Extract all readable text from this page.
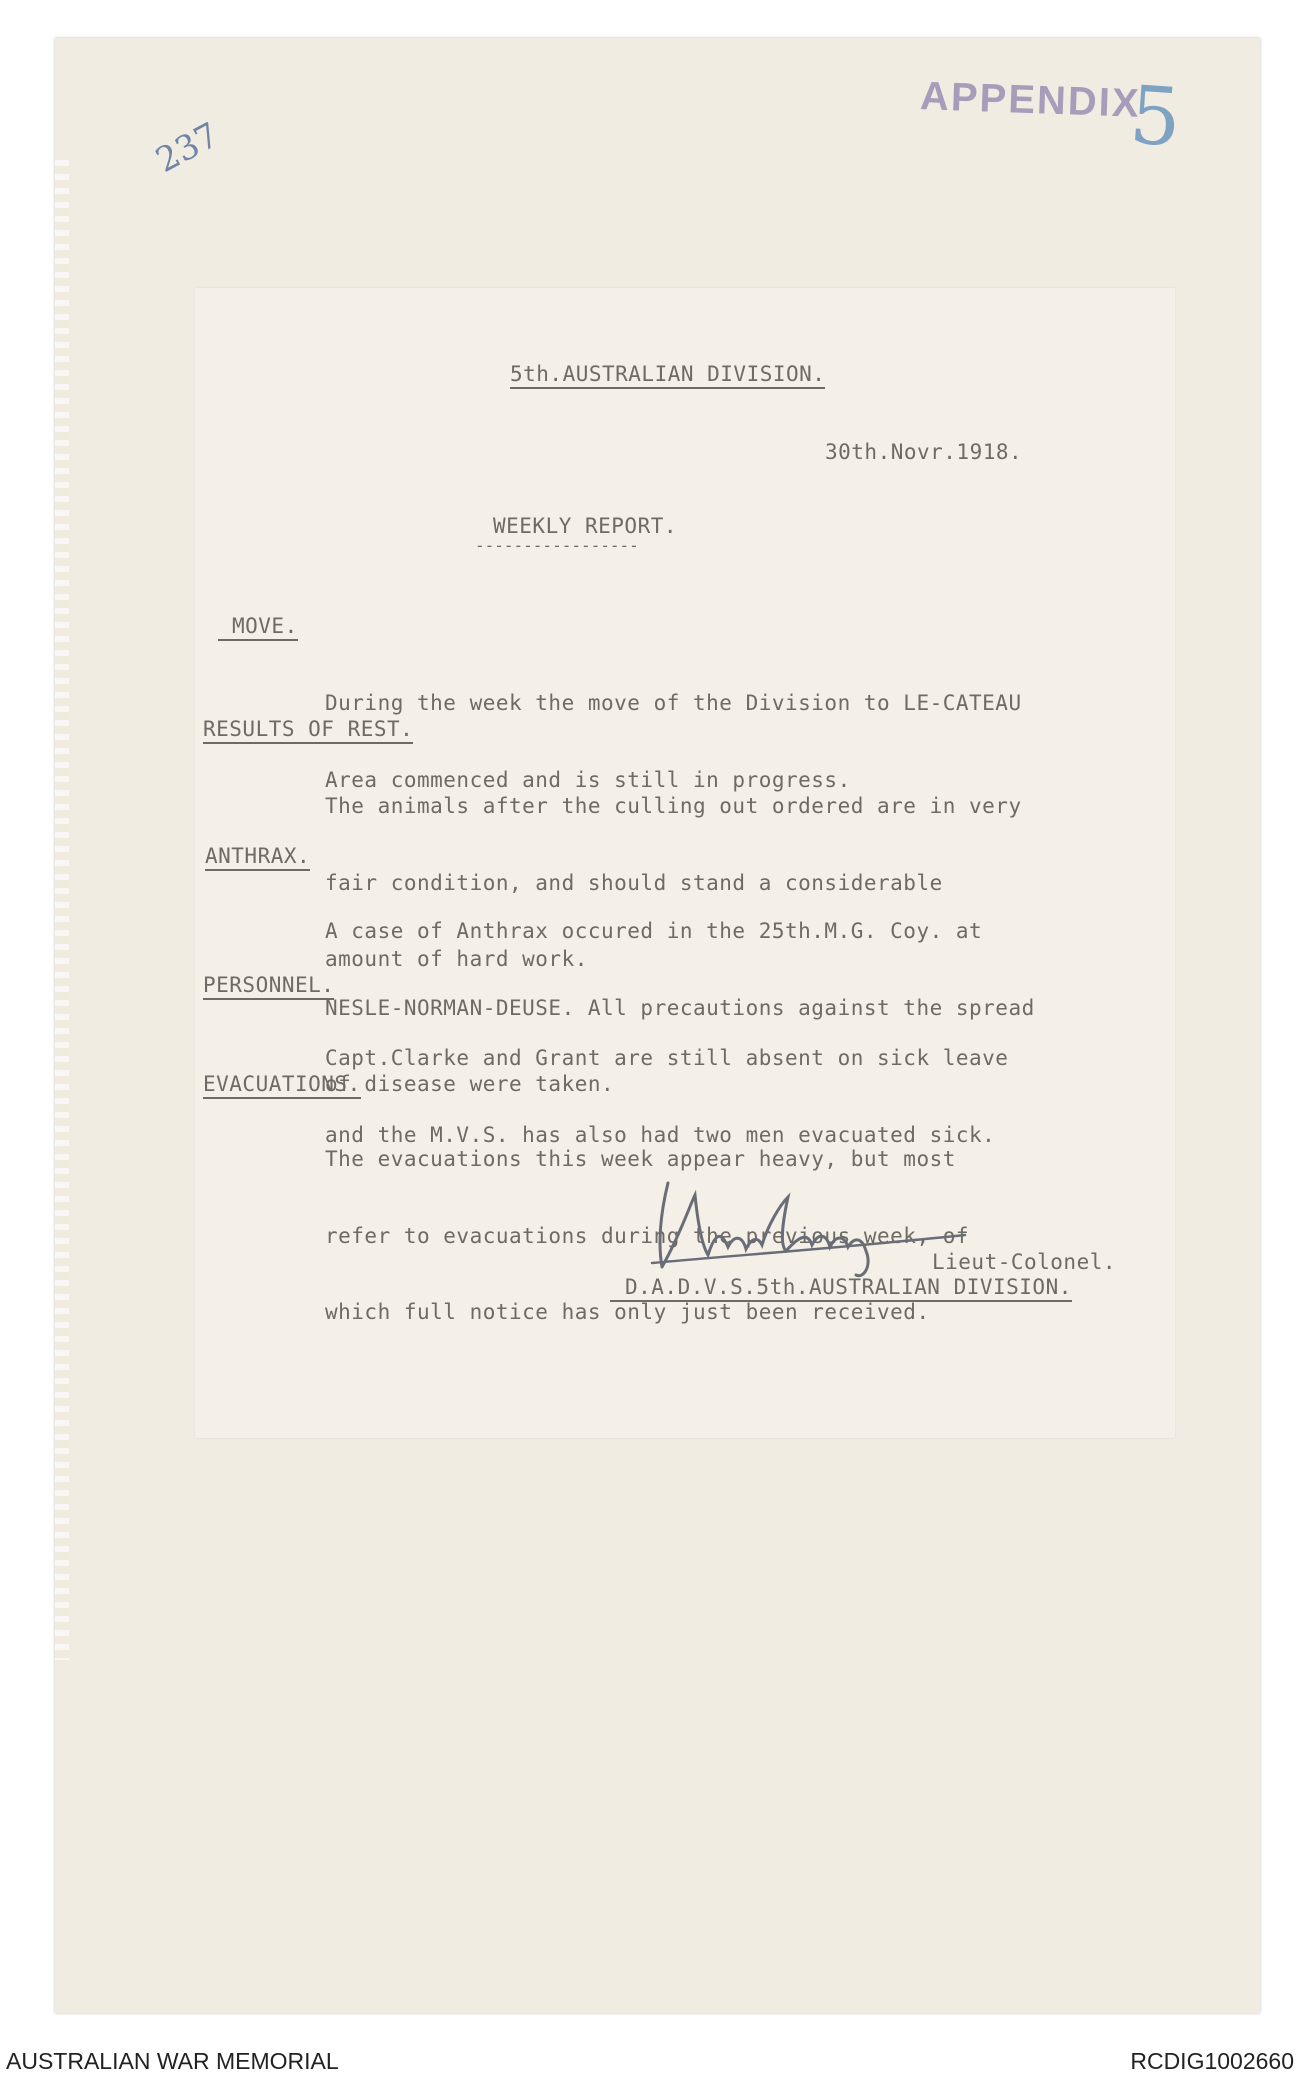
237
APPENDIX
5
5th.AUSTRALIAN DIVISION.
30th.Novr.1918.
WEEKLY REPORT.
-----------------
MOVE.

During the week the move of the Division to LE-CATEAU

Area commenced and is still in progress.

RESULTS OF REST.

The animals after the culling out ordered are in very

fair condition, and should stand a considerable

amount of hard work.

ANTHRAX.

A case of Anthrax occured in the 25th.M.G. Coy. at

NESLE-NORMAN-DEUSE. All precautions against the spread

of disease were taken.

PERSONNEL.

Capt.Clarke and Grant are still absent on sick leave

and the M.V.S. has also had two men evacuated sick.

EVACUATIONS.

The evacuations this week appear heavy, but most

refer to evacuations during the previous week, of

which full notice has only just been received.

Lieut-Colonel.
D.A.D.V.S.5th.AUSTRALIAN DIVISION.
AUSTRALIAN WAR MEMORIAL	RCDIG1002660
